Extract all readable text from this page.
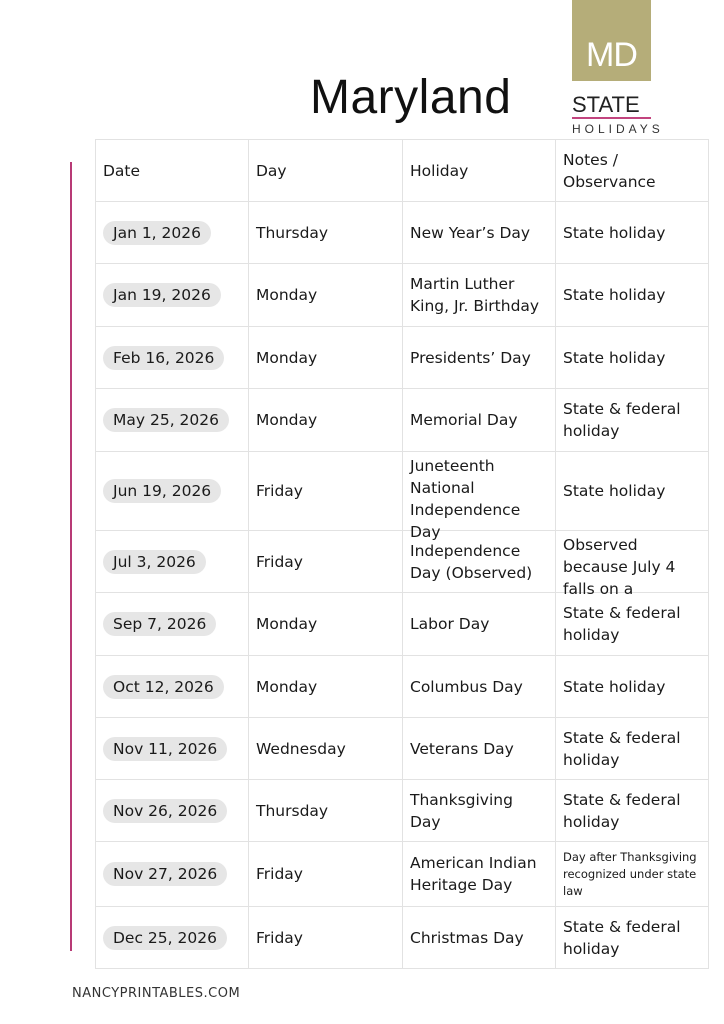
MD
Maryland	STATE
HOLIDAYS
Date	Day	Holiday	Notes / Observance
Jan 1, 2026	Thursday	New Year’s Day	State holiday

Jan 19, 2026	Monday	Martin Luther King, Jr. Birthday	State holiday

Feb 16, 2026	Monday	Presidents’ Day	State holiday

May 25, 2026	Monday	Memorial Day	State & federal holiday

Jun 19, 2026	Friday	Juneteenth National Independence Day	State holiday

Jul 3, 2026	Friday	Independence Day (Observed)	Observed because July 4 falls on a

Sep 7, 2026	Monday	Labor Day	State & federal holiday

Oct 12, 2026	Monday	Columbus Day	State holiday

Nov 11, 2026	Wednesday	Veterans Day	State & federal holiday

Nov 26, 2026	Thursday	Thanksgiving Day	State & federal holiday

Nov 27, 2026	Friday	American Indian Heritage Day	Day after Thanksgiving recognized under state law

Dec 25, 2026	Friday	Christmas Day	State & federal holiday
NANCYPRINTABLES.COM
